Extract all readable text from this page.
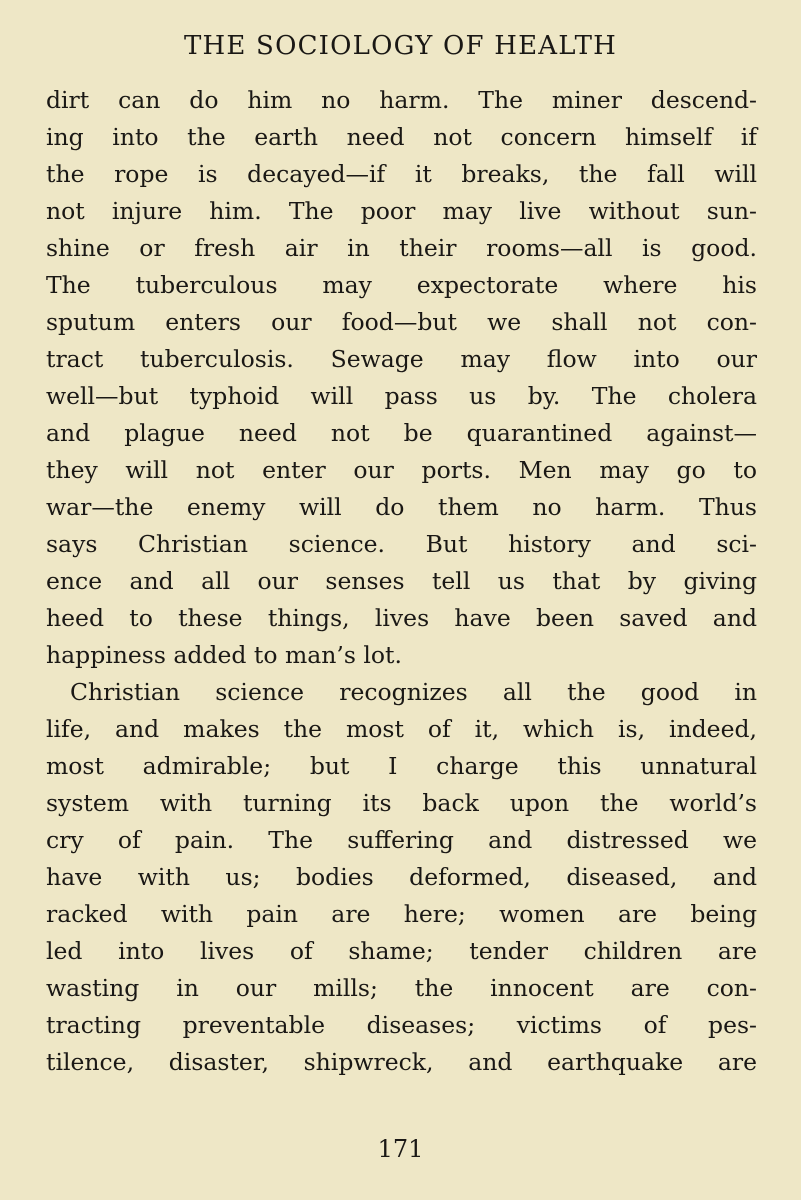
THE SOCIOLOGY OF HEALTH
dirt can do him no harm. The miner descend-
ing into the earth need not concern himself if
the rope is decayed—if it breaks, the fall will
not injure him. The poor may live without sun-
shine or fresh air in their rooms—all is good.
The tuberculous may expectorate where his
sputum enters our food—but we shall not con-
tract tuberculosis. Sewage may flow into our
well—but typhoid will pass us by. The cholera
and plague need not be quarantined against—
they will not enter our ports. Men may go to
war—the enemy will do them no harm. Thus
says Christian science. But history and sci-
ence and all our senses tell us that by giving
heed to these things, lives have been saved and
happiness added to man’s lot.
Christian science recognizes all the good in
life, and makes the most of it, which is, indeed,
most admirable; but I charge this unnatural
system with turning its back upon the world’s
cry of pain. The suffering and distressed we
have with us; bodies deformed, diseased, and
racked with pain are here; women are being
led into lives of shame; tender children are
wasting in our mills; the innocent are con-
tracting preventable diseases; victims of pes-
tilence, disaster, shipwreck, and earthquake are
171
